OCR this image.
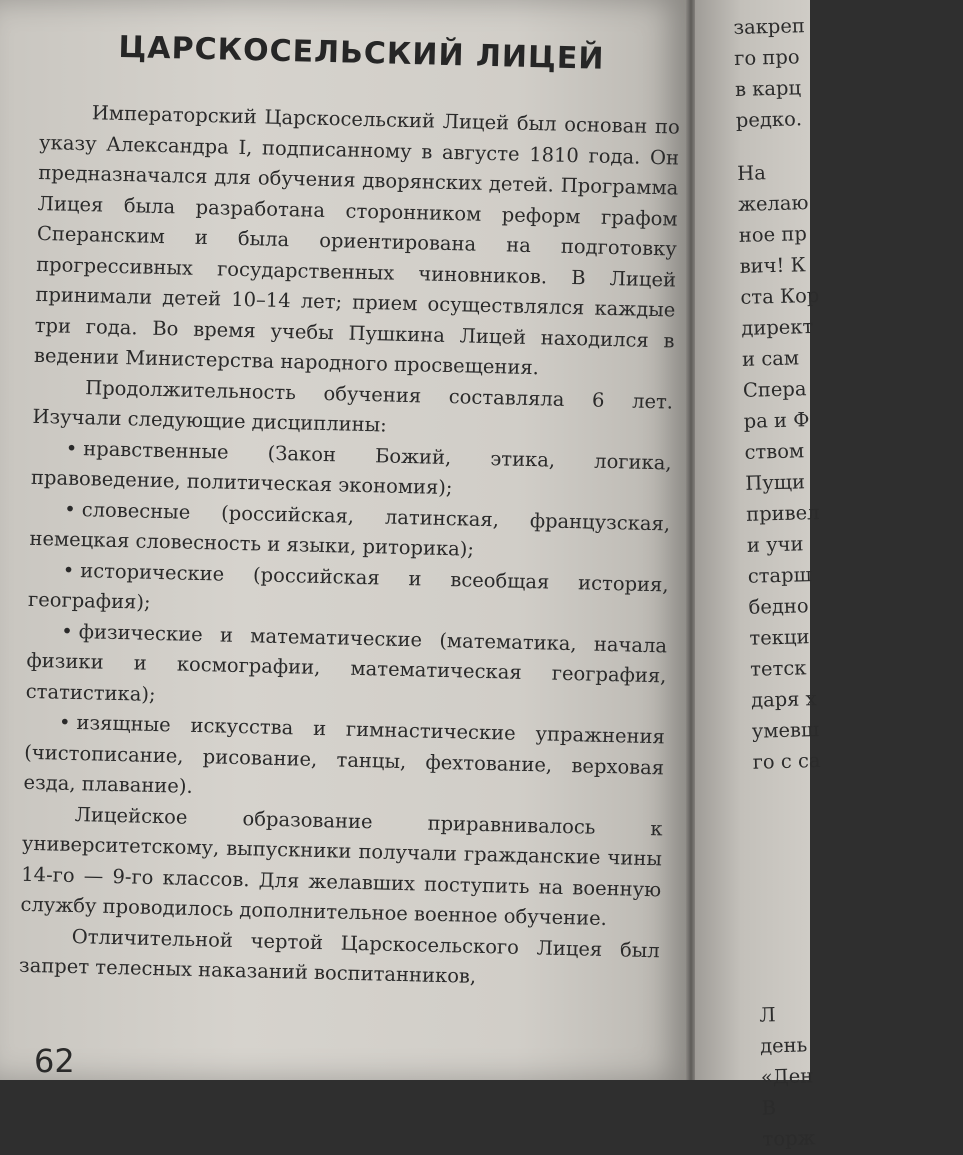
ЦАРСКОСЕЛЬСКИЙ ЛИЦЕЙ

Императорский Царскосельский Лицей был основан по указу Александра I, подписанному в августе 1810 года. Он предназначался для обучения дворянских детей. Программа Лицея была разработана сторонником реформ графом Сперанским и была ориентирована на подготовку прогрессивных государственных чиновников. В Лицей принимали детей 10–14 лет; прием осуществлялся каждые три года. Во время учебы Пушкина Лицей находился в ведении Министерства народного просвещения.

Продолжительность обучения составляла 6 лет. Изучали следующие дисциплины:

• нравственные (Закон Божий, этика, логика, правоведение, политическая экономия);
• словесные (российская, латинская, французская, немецкая словесность и языки, риторика);
• исторические (российская и всеобщая история, география);
• физические и математические (математика, начала физики и космографии, математическая география, статистика);
• изящные искусства и гимнастические упражнения (чистописание, рисование, танцы, фехтование, верховая езда, плавание).

Лицейское образование приравнивалось к университетскому, выпускники получали гражданские чины 14-го — 9-го классов. Для желавших поступить на военную службу проводилось дополнительное военное обучение.

Отличительной чертой Царскосельского Лицея был запрет телесных наказаний воспитанников,

62

закреп

го про

в карц

редко.

На

желаю

ное пр

вич! К

ста Кор

директ

и сам

Спера

ра и Ф

ством

Пущи

привел

и учи

старш

бедно

текци

тетск

даря х

умевш

го с са

Л

день

«Ден

В

торж
